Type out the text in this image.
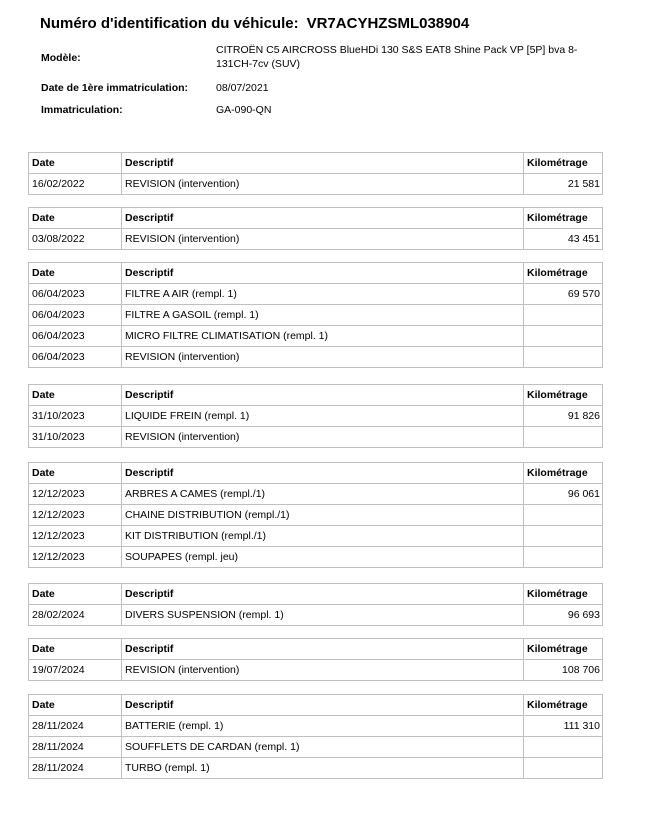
Numéro d'identification du véhicule: VR7ACYHZSML038904
Modèle:
CITROËN C5 AIRCROSS BlueHDi 130 S&S EAT8 Shine Pack VP [5P] bva 8-131CH-7cv (SUV)
Date de 1ère immatriculation:	08/07/2021
Immatriculation:	GA-090-QN
Date	Descriptif	Kilométrage
16/02/2022	REVISION (intervention)	21 581
Date	Descriptif	Kilométrage
03/08/2022	REVISION (intervention)	43 451
Date	Descriptif	Kilométrage
06/04/2023	FILTRE A AIR (rempl. 1)	69 570
06/04/2023	FILTRE A GASOIL (rempl. 1)	
06/04/2023	MICRO FILTRE CLIMATISATION (rempl. 1)	
06/04/2023	REVISION (intervention)	
Date	Descriptif	Kilométrage
31/10/2023	LIQUIDE FREIN (rempl. 1)	91 826
31/10/2023	REVISION (intervention)	
Date	Descriptif	Kilométrage
12/12/2023	ARBRES A CAMES (rempl./1)	96 061
12/12/2023	CHAINE DISTRIBUTION (rempl./1)	
12/12/2023	KIT DISTRIBUTION (rempl./1)	
12/12/2023	SOUPAPES (rempl. jeu)	
Date	Descriptif	Kilométrage
28/02/2024	DIVERS SUSPENSION (rempl. 1)	96 693
Date	Descriptif	Kilométrage
19/07/2024	REVISION (intervention)	108 706
Date	Descriptif	Kilométrage
28/11/2024	BATTERIE (rempl. 1)	111 310
28/11/2024	SOUFFLETS DE CARDAN (rempl. 1)	
28/11/2024	TURBO (rempl. 1)	
